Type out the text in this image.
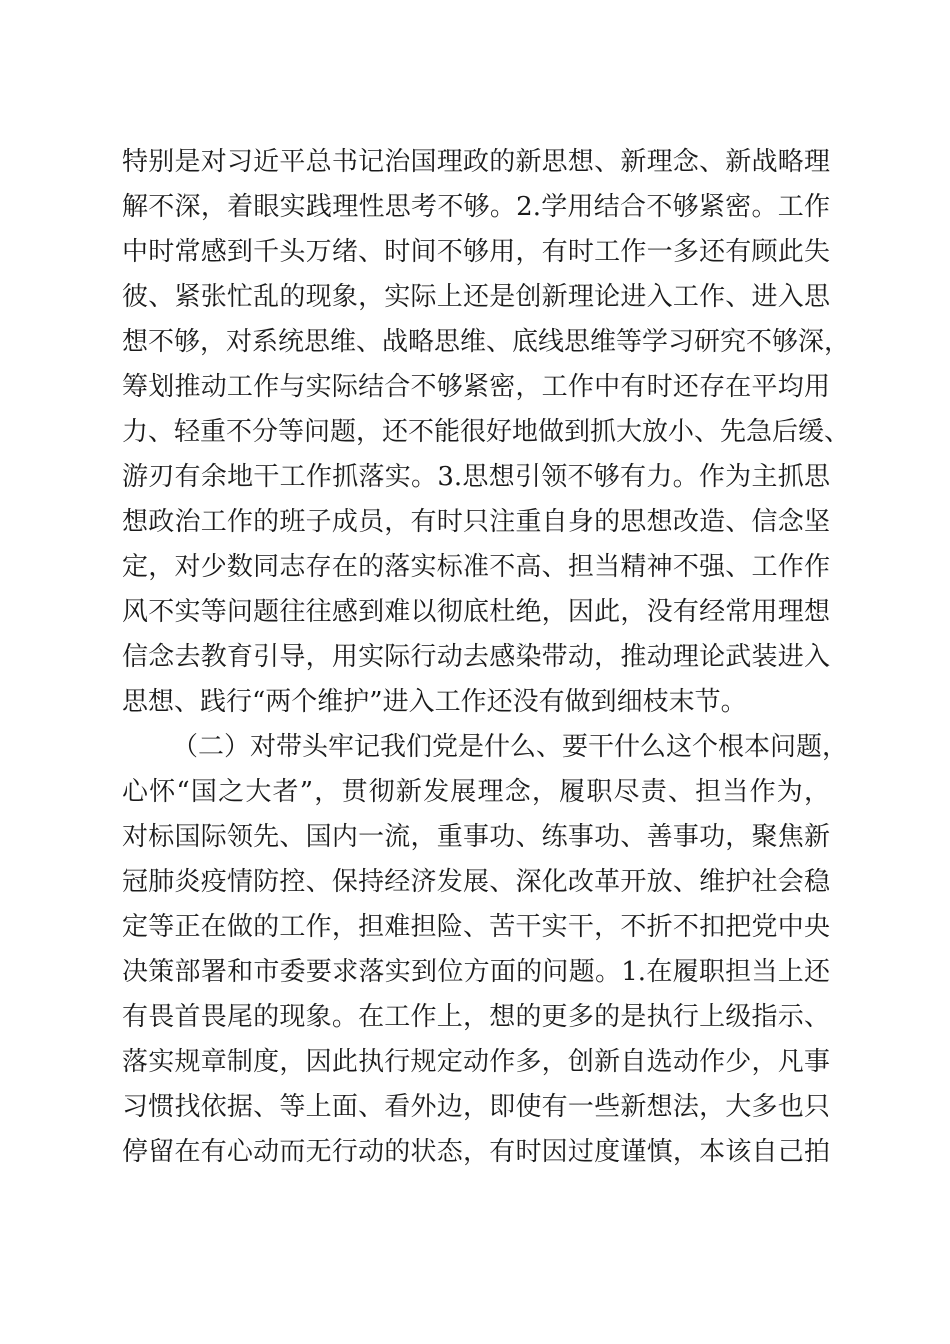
特别是对习近平总书记治国理政的新思想、新理念、新战略理
解不深，着眼实践理性思考不够。2.学用结合不够紧密。工作
中时常感到千头万绪、时间不够用，有时工作一多还有顾此失
彼、紧张忙乱的现象，实际上还是创新理论进入工作、进入思
想不够，对系统思维、战略思维、底线思维等学习研究不够深，
筹划推动工作与实际结合不够紧密，工作中有时还存在平均用
力、轻重不分等问题，还不能很好地做到抓大放小、先急后缓、
游刃有余地干工作抓落实。3.思想引领不够有力。作为主抓思
想政治工作的班子成员，有时只注重自身的思想改造、信念坚
定，对少数同志存在的落实标准不高、担当精神不强、工作作
风不实等问题往往感到难以彻底杜绝，因此，没有经常用理想
信念去教育引导，用实际行动去感染带动，推动理论武装进入
思想、践行“两个维护”进入工作还没有做到细枝末节。
（二）对带头牢记我们党是什么、要干什么这个根本问题，
心怀“国之大者”，贯彻新发展理念，履职尽责、担当作为，
对标国际领先、国内一流，重事功、练事功、善事功，聚焦新
冠肺炎疫情防控、保持经济发展、深化改革开放、维护社会稳
定等正在做的工作，担难担险、苦干实干，不折不扣把党中央
决策部署和市委要求落实到位方面的问题。1.在履职担当上还
有畏首畏尾的现象。在工作上，想的更多的是执行上级指示、
落实规章制度，因此执行规定动作多，创新自选动作少，凡事
习惯找依据、等上面、看外边，即使有一些新想法，大多也只
停留在有心动而无行动的状态，有时因过度谨慎，本该自己拍
